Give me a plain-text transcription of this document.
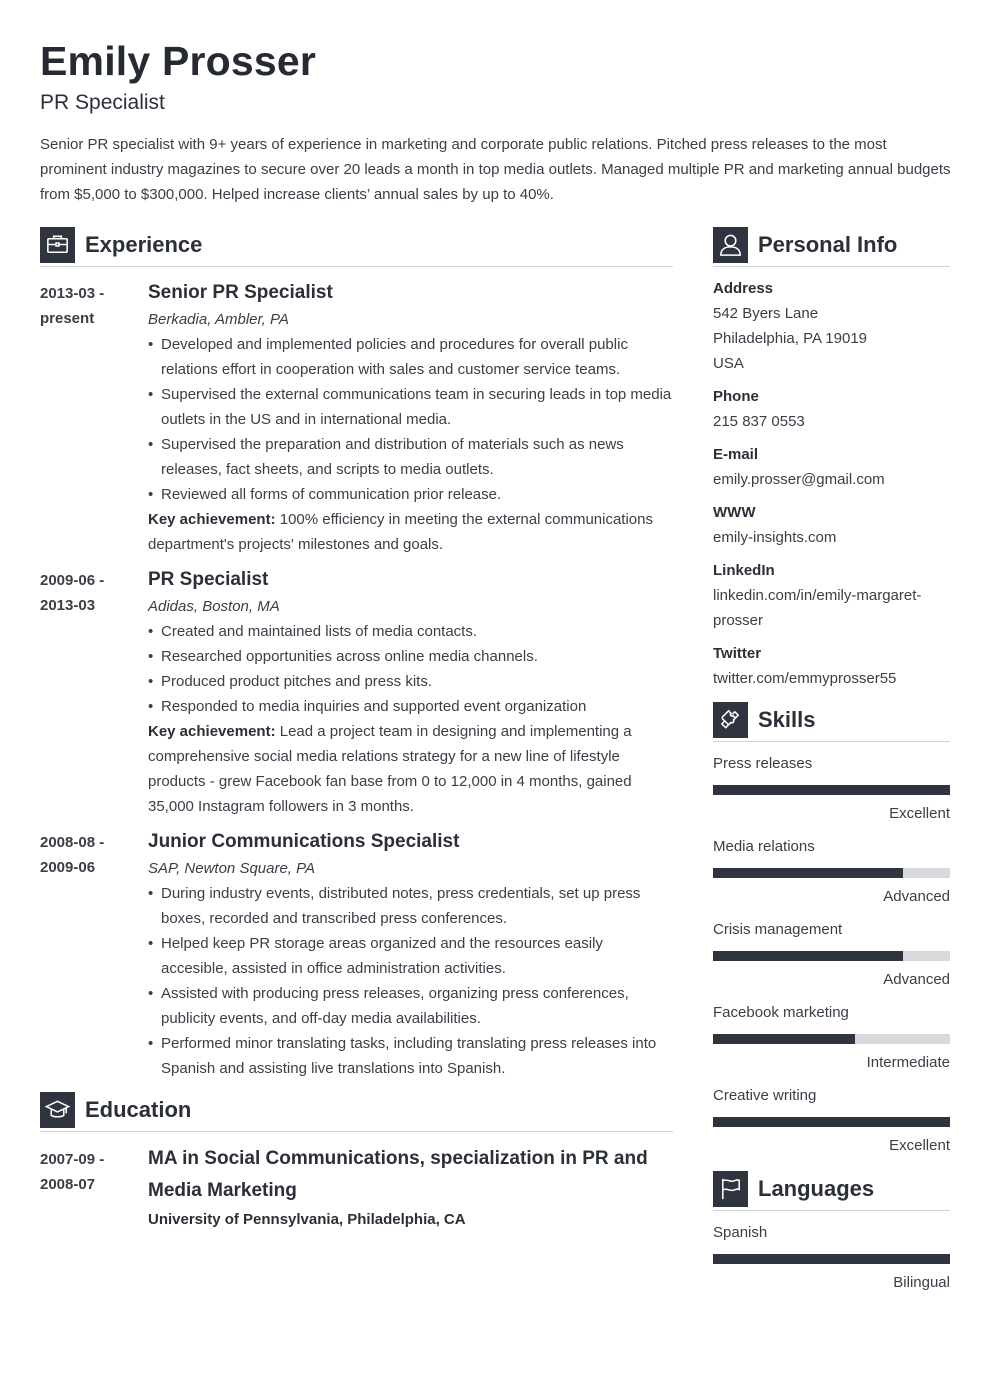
Emily Prosser
PR Specialist

Senior PR specialist with 9+ years of experience in marketing and corporate public relations. Pitched press releases to the most prominent industry magazines to secure over 20 leads a month in top media outlets. Managed multiple PR and marketing annual budgets from $5,000 to $300,000. Helped increase clients’ annual sales by up to 40%.

Experience
2013-03 -
present
Senior PR Specialist
Berkadia, Ambler, PA
• Developed and implemented policies and procedures for overall public relations effort in cooperation with sales and customer service teams.
• Supervised the external communications team in securing leads in top media outlets in the US and in international media.
• Supervised the preparation and distribution of materials such as news releases, fact sheets, and scripts to media outlets.
• Reviewed all forms of communication prior release.

Key achievement: 100% efficiency in meeting the external communications department's projects' milestones and goals.

2009-06 -
2013-03
PR Specialist
Adidas, Boston, MA
• Created and maintained lists of media contacts.
• Researched opportunities across online media channels.
• Produced product pitches and press kits.
• Responded to media inquiries and supported event organization

Key achievement: Lead a project team in designing and implementing a comprehensive social media relations strategy for a new line of lifestyle products - grew Facebook fan base from 0 to 12,000 in 4 months, gained 35,000 Instagram followers in 3 months.

2008-08 -
2009-06
Junior Communications Specialist
SAP, Newton Square, PA
• During industry events, distributed notes, press credentials, set up press boxes, recorded and transcribed press conferences.
• Helped keep PR storage areas organized and the resources easily accesible, assisted in office administration activities.
• Assisted with producing press releases, organizing press conferences, publicity events, and off-day media availabilities.
• Performed minor translating tasks, including translating press releases into Spanish and assisting live translations into Spanish.
Education
2007-09 -
2008-07
MA in Social Communications, specialization in PR and Media Marketing
University of Pennsylvania, Philadelphia, CA
Personal Info
Address
542 Byers Lane
Philadelphia, PA 19019
USA
Phone
215 837 0553
E-mail
emily.prosser@gmail.com
WWW
emily-insights.com
LinkedIn
linkedin.com/in/emily-margaret-
prosser
Twitter
twitter.com/emmyprosser55
Skills
Press releases
Excellent
Media relations
Advanced
Crisis management
Advanced
Facebook marketing
Intermediate
Creative writing
Excellent
Languages
Spanish
Bilingual
